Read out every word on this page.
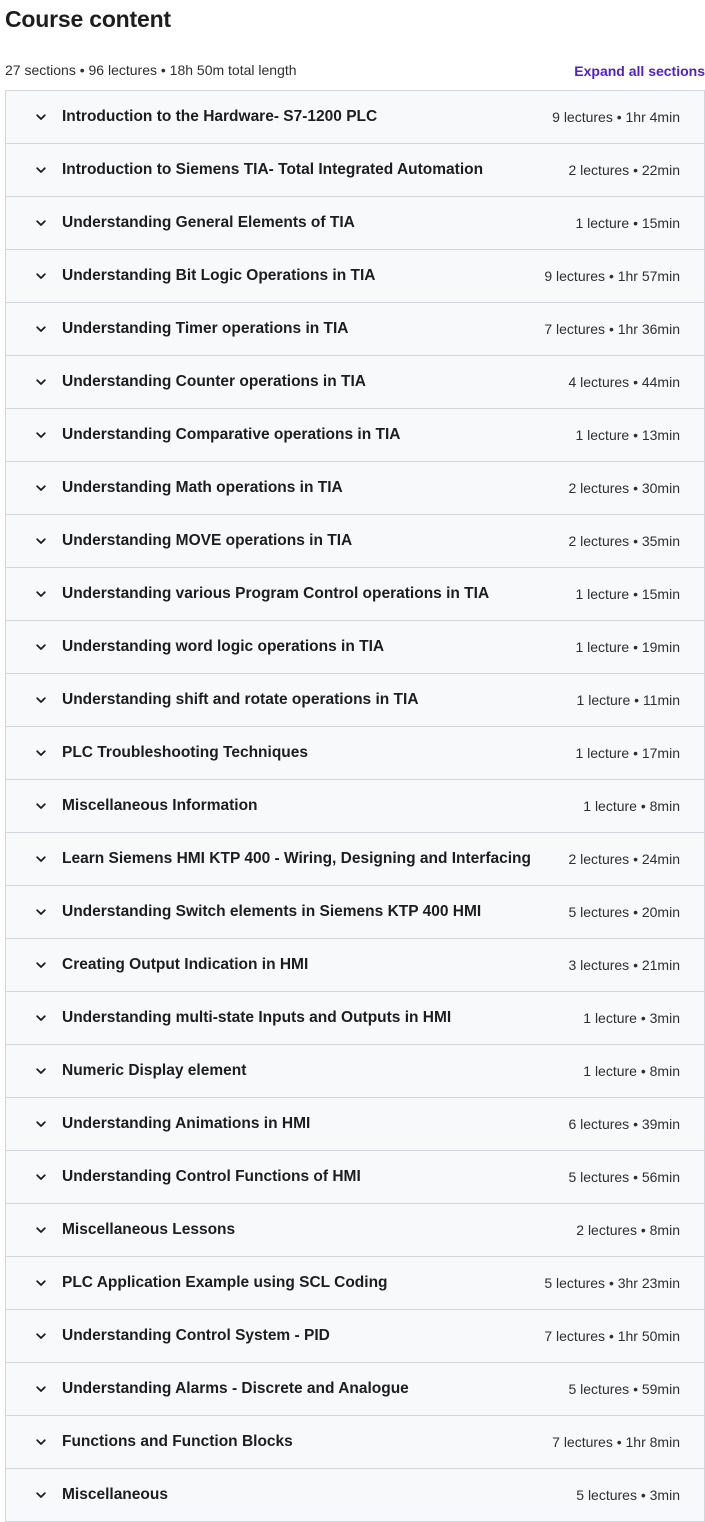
Course content
27 sections • 96 lectures • 18h 50m total length	Expand all sections
Introduction to the Hardware- S7-1200 PLC	9 lectures • 1hr 4min
Introduction to Siemens TIA- Total Integrated Automation	2 lectures • 22min
Understanding General Elements of TIA	1 lecture • 15min
Understanding Bit Logic Operations in TIA	9 lectures • 1hr 57min
Understanding Timer operations in TIA	7 lectures • 1hr 36min
Understanding Counter operations in TIA	4 lectures • 44min
Understanding Comparative operations in TIA	1 lecture • 13min
Understanding Math operations in TIA	2 lectures • 30min
Understanding MOVE operations in TIA	2 lectures • 35min
Understanding various Program Control operations in TIA	1 lecture • 15min
Understanding word logic operations in TIA	1 lecture • 19min
Understanding shift and rotate operations in TIA	1 lecture • 11min
PLC Troubleshooting Techniques	1 lecture • 17min
Miscellaneous Information	1 lecture • 8min
Learn Siemens HMI KTP 400 - Wiring, Designing and Interfacing	2 lectures • 24min
Understanding Switch elements in Siemens KTP 400 HMI	5 lectures • 20min
Creating Output Indication in HMI	3 lectures • 21min
Understanding multi-state Inputs and Outputs in HMI	1 lecture • 3min
Numeric Display element	1 lecture • 8min
Understanding Animations in HMI	6 lectures • 39min
Understanding Control Functions of HMI	5 lectures • 56min
Miscellaneous Lessons	2 lectures • 8min
PLC Application Example using SCL Coding	5 lectures • 3hr 23min
Understanding Control System - PID	7 lectures • 1hr 50min
Understanding Alarms - Discrete and Analogue	5 lectures • 59min
Functions and Function Blocks	7 lectures • 1hr 8min
Miscellaneous	5 lectures • 3min
